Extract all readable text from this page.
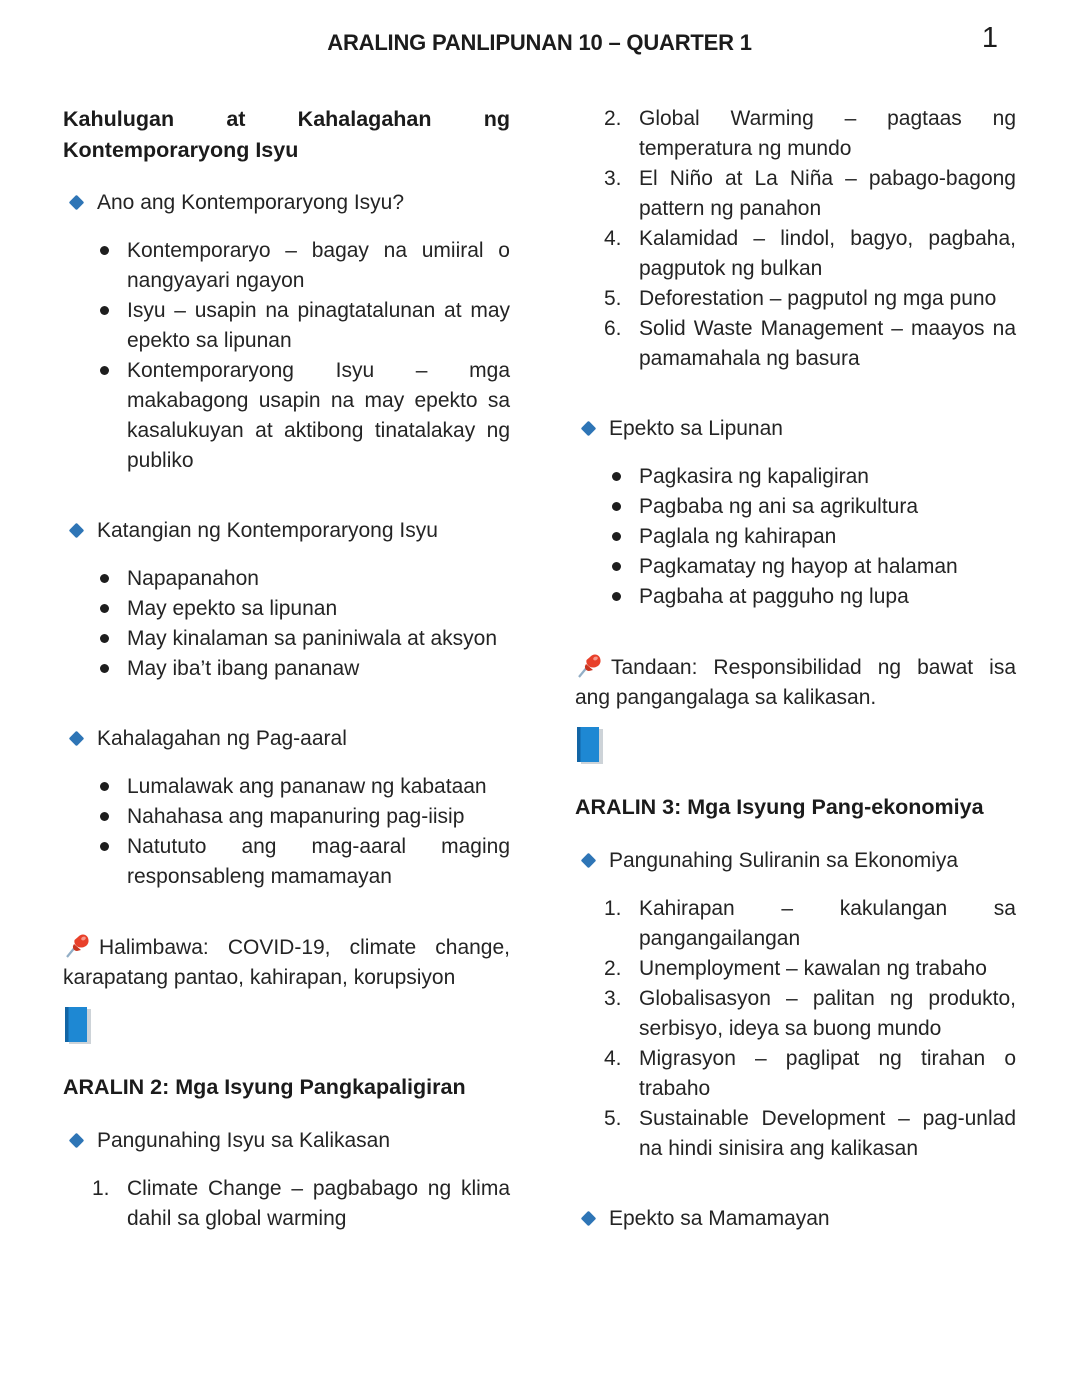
ARALING PANLIPUNAN 10 – QUARTER 1	1
Kahulugan at Kahalagahan ng Kontemporaryong Isyu
Ano ang Kontemporaryong Isyu?
Kontemporaryo – bagay na umiiral o nangyayari ngayon
Isyu – usapin na pinagtatalunan at may epekto sa lipunan
Kontemporaryong Isyu – mga makabagong usapin na may epekto sa kasalukuyan at aktibong tinatalakay ng publiko
Katangian ng Kontemporaryong Isyu
Napapanahon
May epekto sa lipunan
May kinalaman sa paniniwala at aksyon
May iba’t ibang pananaw
Kahalagahan ng Pag-aaral
Lumalawak ang pananaw ng kabataan
Nahahasa ang mapanuring pag-iisip
Natututo ang mag-aaral maging responsableng mamamayan
Halimbawa: COVID-19, climate change, karapatang pantao, kahirapan, korupsiyon
ARALIN 2: Mga Isyung Pangkapaligiran
Pangunahing Isyu sa Kalikasan
1. Climate Change – pagbabago ng klima dahil sa global warming
2. Global Warming – pagtaas ng temperatura ng mundo
3. El Niño at La Niña – pabago-bagong pattern ng panahon
4. Kalamidad – lindol, bagyo, pagbaha, pagputok ng bulkan
5. Deforestation – pagputol ng mga puno
6. Solid Waste Management – maayos na pamamahala ng basura
Epekto sa Lipunan
Pagkasira ng kapaligiran
Pagbaba ng ani sa agrikultura
Paglala ng kahirapan
Pagkamatay ng hayop at halaman
Pagbaha at pagguho ng lupa
Tandaan: Responsibilidad ng bawat isa ang pangangalaga sa kalikasan.
ARALIN 3: Mga Isyung Pang-ekonomiya
Pangunahing Suliranin sa Ekonomiya
1. Kahirapan – kakulangan sa pangangailangan
2. Unemployment – kawalan ng trabaho
3. Globalisasyon – palitan ng produkto, serbisyo, ideya sa buong mundo
4. Migrasyon – paglipat ng tirahan o trabaho
5. Sustainable Development – pag-unlad na hindi sinisira ang kalikasan
Epekto sa Mamamayan
